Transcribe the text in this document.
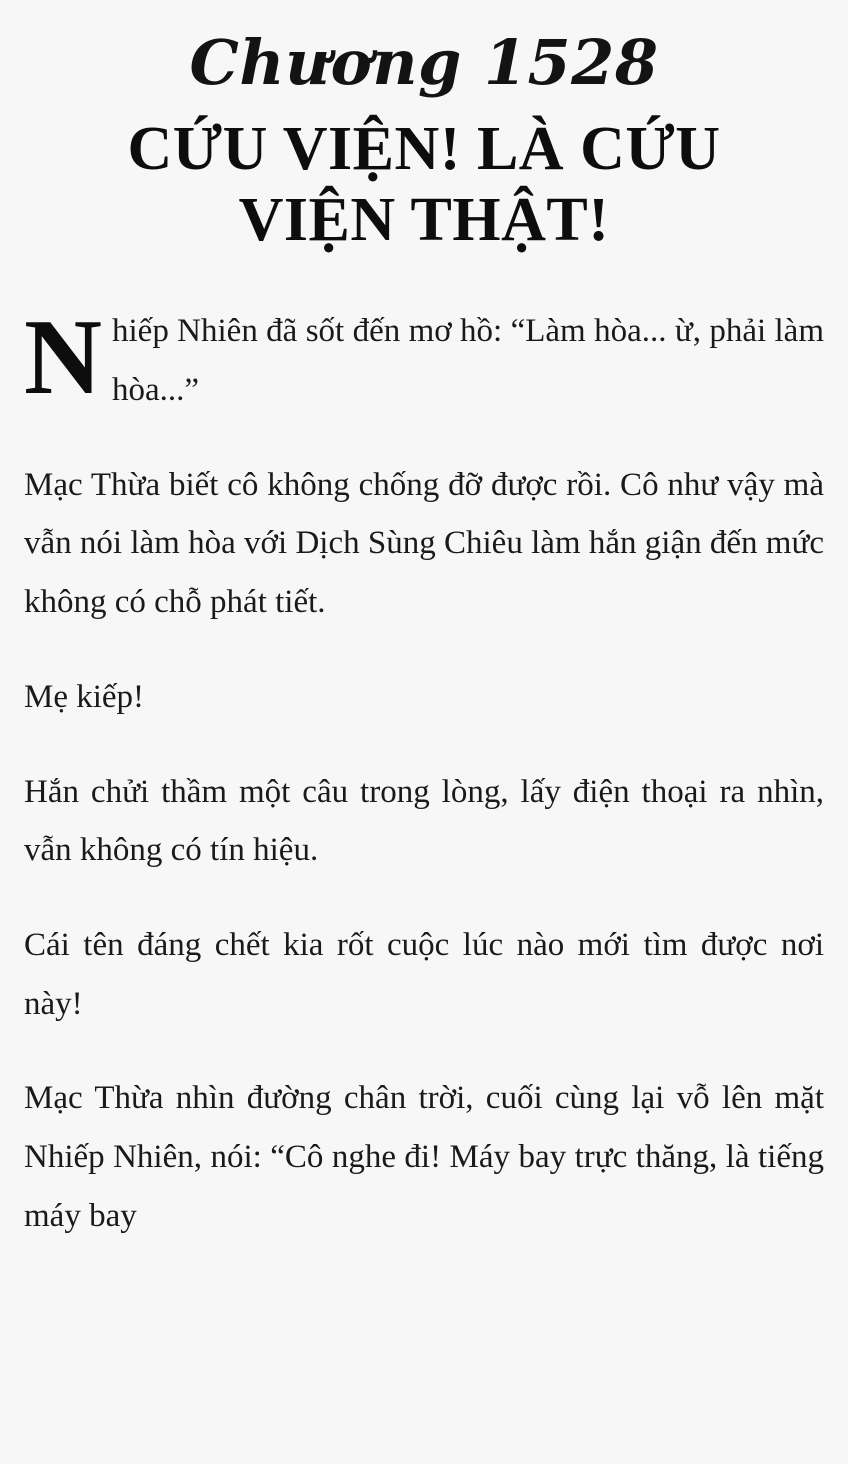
Chương 1528
CỨU VIỆN! LÀ CỨU VIỆN THẬT!

Nhiếp Nhiên đã sốt đến mơ hồ: “Làm hòa... ừ, phải làm hòa...”

Mạc Thừa biết cô không chống đỡ được rồi. Cô như vậy mà vẫn nói làm hòa với Dịch Sùng Chiêu làm hắn giận đến mức không có chỗ phát tiết.

Mẹ kiếp!

Hắn chửi thầm một câu trong lòng, lấy điện thoại ra nhìn, vẫn không có tín hiệu.

Cái tên đáng chết kia rốt cuộc lúc nào mới tìm được nơi này!

Mạc Thừa nhìn đường chân trời, cuối cùng lại vỗ lên mặt Nhiếp Nhiên, nói: “Cô nghe đi! Máy bay trực thăng, là tiếng máy bay
